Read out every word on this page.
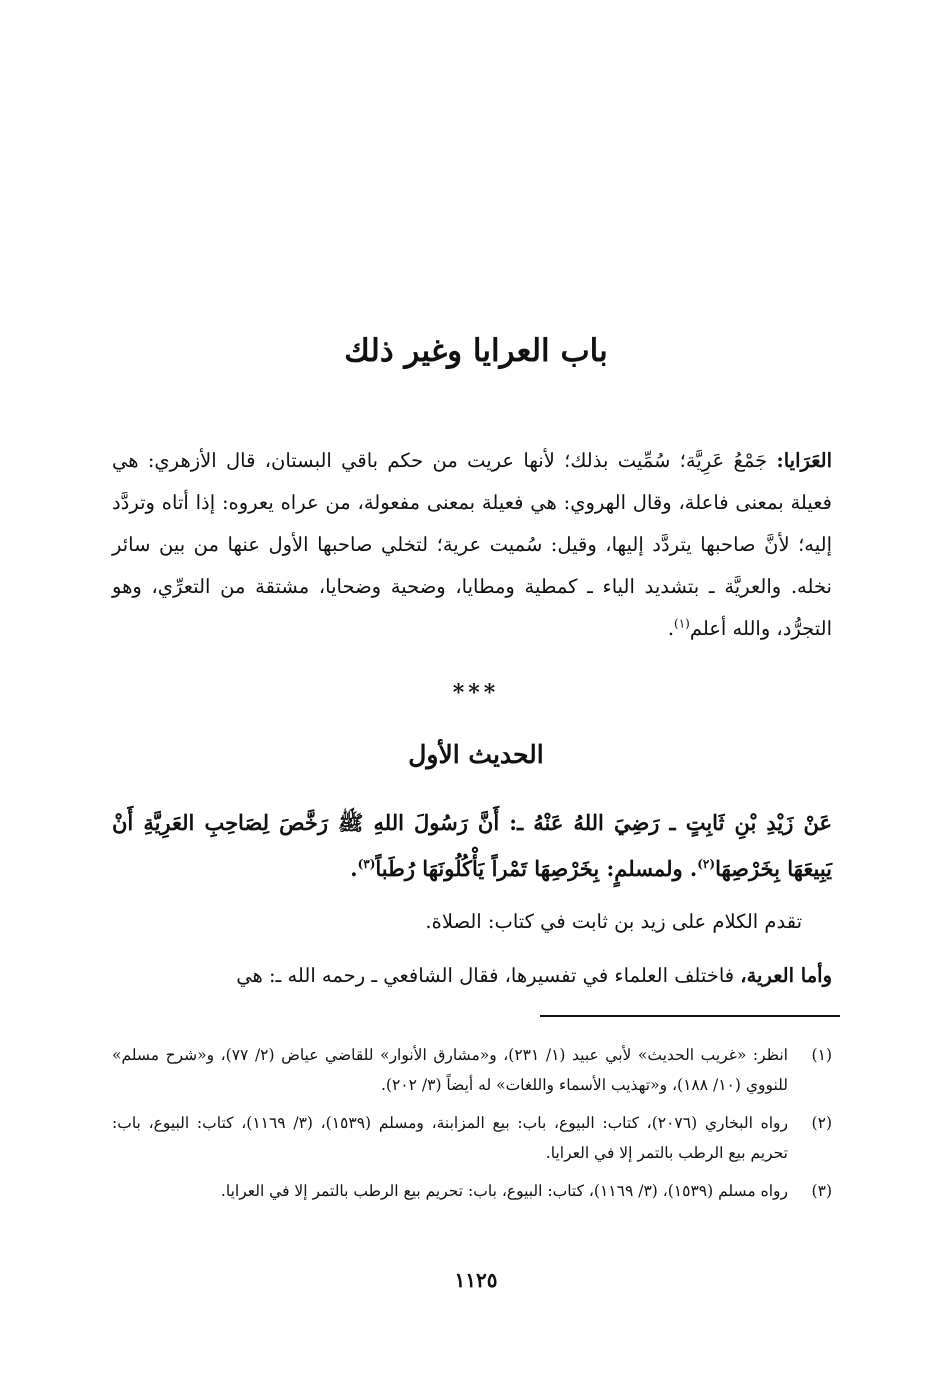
باب العرايا وغير ذلك

العَرَايا: جَمْعُ عَرِيَّة؛ سُمِّيت بذلك؛ لأنها عريت من حكم باقي البستان، قال الأزهري: هي فعيلة بمعنى فاعلة، وقال الهروي: هي فعيلة بمعنى مفعولة، من عراه يعروه: إذا أتاه وتردَّد إليه؛ لأنَّ صاحبها يتردَّد إليها، وقيل: سُميت عرية؛ لتخلي صاحبها الأول عنها من بين سائر نخله. والعريَّة ـ بتشديد الياء ـ كمطية ومطايا، وضحية وضحايا، مشتقة من التعرِّي، وهو التجرُّد، والله أعلم$^{(١)}$.

***
الحديث الأول

عَنْ زَيْدِ بْنِ ثَابِتٍ ـ رَضِيَ اللهُ عَنْهُ ـ: أَنَّ رَسُولَ اللهِ ﷺ رَخَّصَ لِصَاحِبِ العَرِيَّةِ أَنْ يَبِيعَهَا بِخَرْصِهَا$^{(٢)}$. ولمسلمٍ: بِخَرْصِهَا تَمْراً يَأْكُلُونَهَا رُطَباً$^{(٣)}$.

تقدم الكلام على زيد بن ثابت في كتاب: الصلاة.

وأما العرية، فاختلف العلماء في تفسيرها، فقال الشافعي ـ رحمه الله ـ: هي

(١)
انظر: «غريب الحديث» لأبي عبيد (١/ ٢٣١)، و«مشارق الأنوار» للقاضي عياض (٢/ ٧٧)، و«شرح مسلم» للنووي (١٠/ ١٨٨)، و«تهذيب الأسماء واللغات» له أيضاً (٣/ ٢٠٢).
(٢)
رواه البخاري (٢٠٧٦)، كتاب: البيوع، باب: بيع المزابنة، ومسلم (١٥٣٩)، (٣/ ١١٦٩)، كتاب: البيوع، باب: تحريم بيع الرطب بالتمر إلا في العرايا.
(٣)
رواه مسلم (١٥٣٩)، (٣/ ١١٦٩)، كتاب: البيوع، باب: تحريم بيع الرطب بالتمر إلا في العرايا.
١١٢٥
